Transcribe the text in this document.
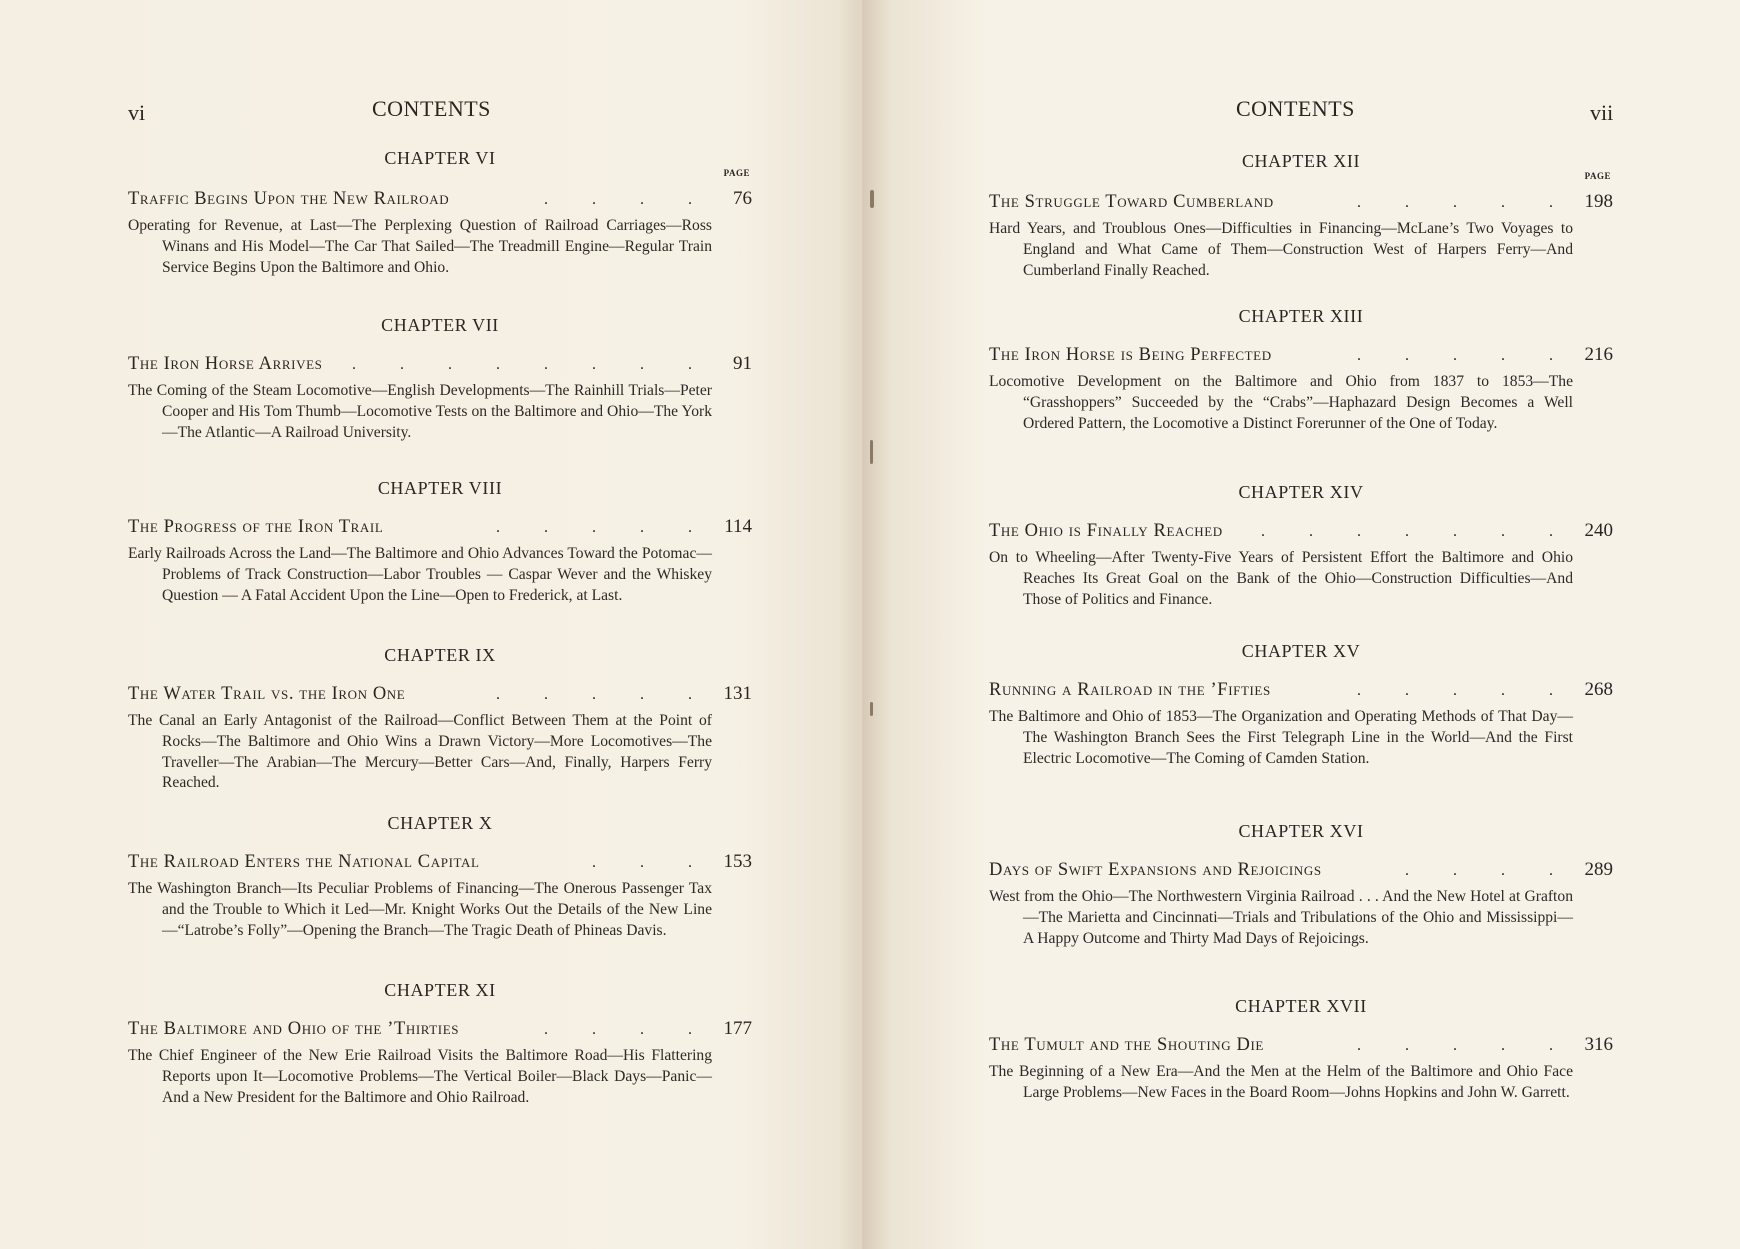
vi	CONTENTS
PAGE
CHAPTER VI
Traffic Begins Upon the New Railroad	. . . .	76
Operating for Revenue, at Last—The Perplexing Question of Railroad Carriages—Ross Winans and His Model—The Car That Sailed—The Treadmill Engine—Regular Train Service Begins Upon the Baltimore and Ohio.
CHAPTER VII
The Iron Horse Arrives	. . . . . . . .	91
The Coming of the Steam Locomotive—English Developments—The Rainhill Trials—Peter Cooper and His Tom Thumb—Locomotive Tests on the Baltimore and Ohio—The York—The Atlantic—A Railroad University.
CHAPTER VIII
The Progress of the Iron Trail	. . . . . 114
Early Railroads Across the Land—The Baltimore and Ohio Advances Toward the Potomac—Problems of Track Construction—Labor Troubles — Caspar Wever and the Whiskey Question — A Fatal Accident Upon the Line—Open to Frederick, at Last.
CHAPTER IX
The Water Trail vs. the Iron One	. . . . . 131
The Canal an Early Antagonist of the Railroad—Conflict Between Them at the Point of Rocks—The Baltimore and Ohio Wins a Drawn Victory—More Locomotives—The Traveller—The Arabian—The Mercury—Better Cars—And, Finally, Harpers Ferry Reached.
CHAPTER X
The Railroad Enters the National Capital	. . . 153
The Washington Branch—Its Peculiar Problems of Financing—The Onerous Passenger Tax and the Trouble to Which it Led—Mr. Knight Works Out the Details of the New Line—“Latrobe’s Folly”—Opening the Branch—The Tragic Death of Phineas Davis.
CHAPTER XI
The Baltimore and Ohio of the ’Thirties	. . . . 177
The Chief Engineer of the New Erie Railroad Visits the Baltimore Road—His Flattering Reports upon It—Locomotive Problems—The Vertical Boiler—Black Days—Panic—And a New President for the Baltimore and Ohio Railroad.
CONTENTS	vii
PAGE
CHAPTER XII
The Struggle Toward Cumberland	. . . . . 198
Hard Years, and Troublous Ones—Difficulties in Financing—McLane’s Two Voyages to England and What Came of Them—Construction West of Harpers Ferry—And Cumberland Finally Reached.
CHAPTER XIII
The Iron Horse is Being Perfected	. . . . . 216
Locomotive Development on the Baltimore and Ohio from 1837 to 1853—The “Grasshoppers” Succeeded by the “Crabs”—Haphazard Design Becomes a Well Ordered Pattern, the Locomotive a Distinct Forerunner of the One of Today.
CHAPTER XIV
The Ohio is Finally Reached	. . . . . . . 240
On to Wheeling—After Twenty-Five Years of Persistent Effort the Baltimore and Ohio Reaches Its Great Goal on the Bank of the Ohio—Construction Difficulties—And Those of Politics and Finance.
CHAPTER XV
Running a Railroad in the ’Fifties	. . . . . 268
The Baltimore and Ohio of 1853—The Organization and Operating Methods of That Day—The Washington Branch Sees the First Telegraph Line in the World—And the First Electric Locomotive—The Coming of Camden Station.
CHAPTER XVI
Days of Swift Expansions and Rejoicings	. . . . 289
West from the Ohio—The Northwestern Virginia Railroad . . . And the New Hotel at Grafton—The Marietta and Cincinnati—Trials and Tribulations of the Ohio and Mississippi—A Happy Outcome and Thirty Mad Days of Rejoicings.
CHAPTER XVII
The Tumult and the Shouting Die	. . . . . 316
The Beginning of a New Era—And the Men at the Helm of the Baltimore and Ohio Face Large Problems—New Faces in the Board Room—Johns Hopkins and John W. Garrett.
